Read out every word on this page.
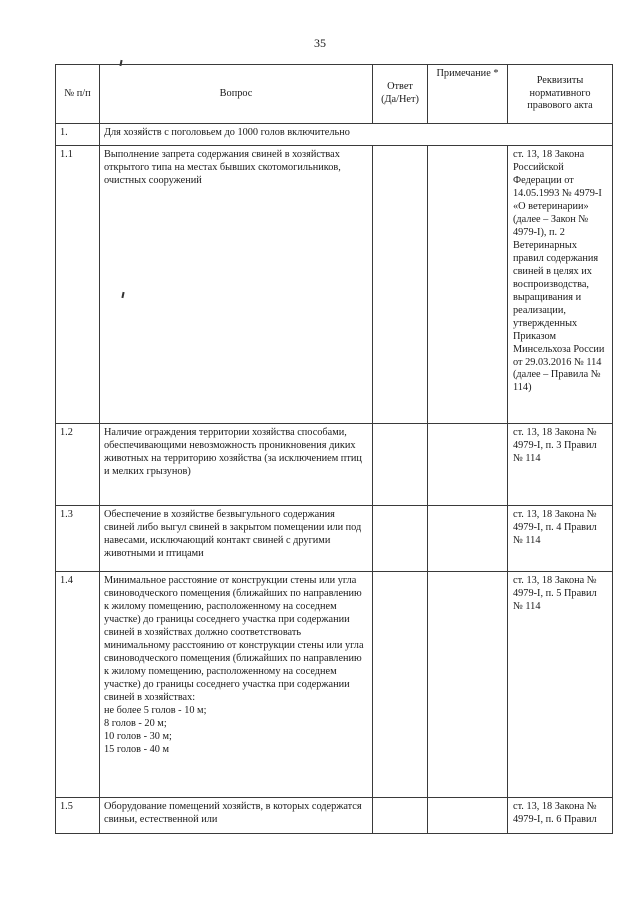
35
№ п/п	Вопрос	Ответ (Да/Нет)	Примечание *	Реквизиты нормативного правового акта
1.	Для хозяйств с поголовьем до 1000 голов включительно			
1.1	Выполнение запрета содержания свиней в хозяйствах открытого типа на местах бывших скотомогильников, очистных сооружений			ст. 13, 18 Закона Российской Федерации от 14.05.1993 № 4979-I «О ветеринарии» (далее – Закон № 4979-I), п. 2 Ветеринарных правил содержания свиней в целях их воспроизводства, выращивания и реализации, утвержденных Приказом Минсельхоза России от 29.03.2016 № 114 (далее – Правила № 114)
1.2	Наличие ограждения территории хозяйства способами, обеспечивающими невозможность проникновения диких животных на территорию хозяйства (за исключением птиц и мелких грызунов)			ст. 13, 18 Закона № 4979-I, п. 3 Правил № 114
1.3	Обеспечение в хозяйстве безвыгульного содержания свиней либо выгул свиней в закрытом помещении или под навесами, исключающий контакт свиней с другими животными и птицами			ст. 13, 18 Закона № 4979-I, п. 4 Правил № 114
1.4	Минимальное расстояние от конструкции стены или угла свиноводческого помещения (ближайших по направлению к жилому помещению, расположенному на соседнем участке) до границы соседнего участка при содержании свиней в хозяйствах должно соответствовать минимальному расстоянию от конструкции стены или угла свиноводческого помещения (ближайших по направлению к жилому помещению, расположенному на соседнем участке) до границы соседнего участка при содержании свиней в хозяйствах:
не более 5 голов - 10 м;
8 голов - 20 м;
10 голов - 30 м;
15 голов - 40 м			ст. 13, 18 Закона № 4979-I, п. 5 Правил № 114
1.5	Оборудование помещений хозяйств, в которых содержатся свиньи, естественной или			ст. 13, 18 Закона № 4979-I, п. 6 Правил
